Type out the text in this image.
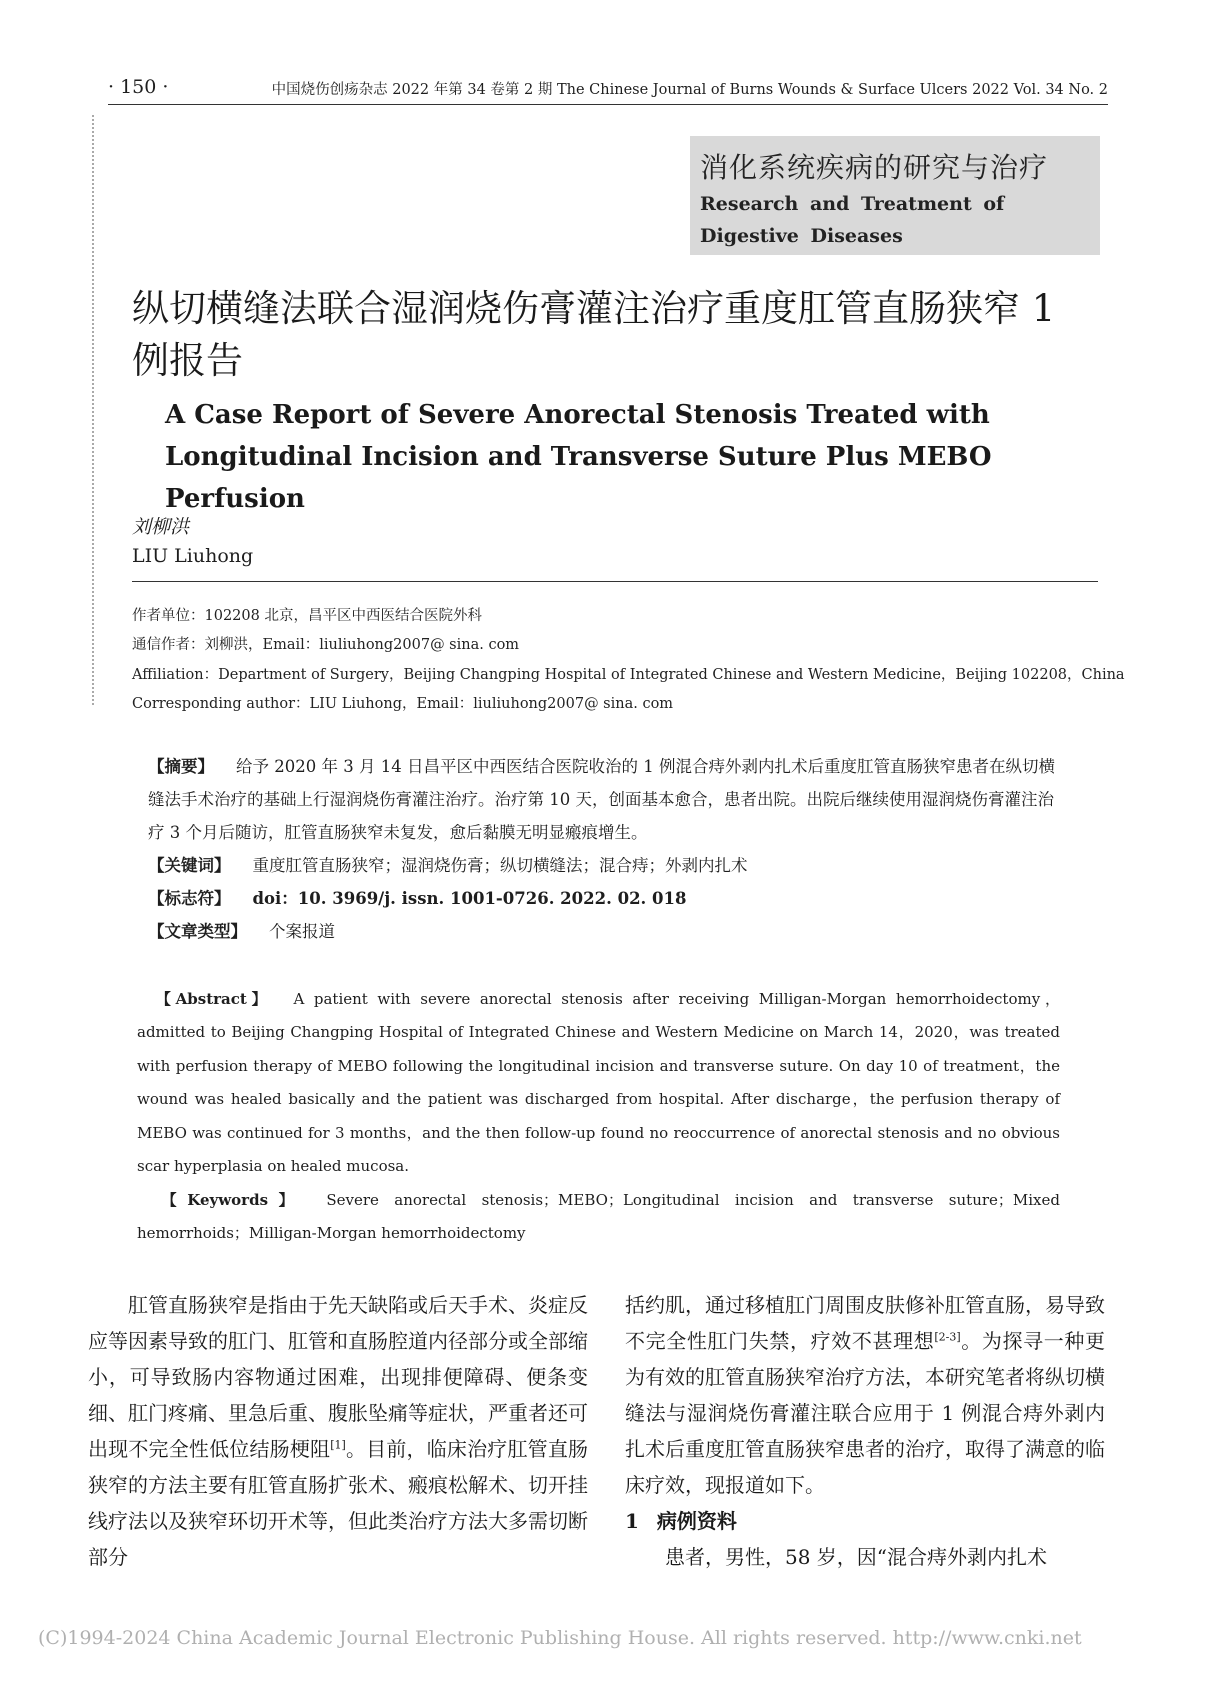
· 150 ·	中国烧伤创疡杂志 2022 年第 34 卷第 2 期 The Chinese Journal of Burns Wounds & Surface Ulcers 2022 Vol. 34 No. 2
消化系统疾病的研究与治疗
Research and Treatment of Digestive Diseases
纵切横缝法联合湿润烧伤膏灌注治疗重度肛管直肠狭窄 1 例报告
A Case Report of Severe Anorectal Stenosis Treated with Longitudinal Incision and Transverse Suture Plus MEBO Perfusion
刘柳洪
LIU Liuhong
作者单位：102208 北京，昌平区中西医结合医院外科
通信作者：刘柳洪，Email：liuliuhong2007@ sina. com
Affiliation：Department of Surgery，Beijing Changping Hospital of Integrated Chinese and Western Medicine，Beijing 102208，China
Corresponding author：LIU Liuhong，Email：liuliuhong2007@ sina. com
【摘要】 给予 2020 年 3 月 14 日昌平区中西医结合医院收治的 1 例混合痔外剥内扎术后重度肛管直肠狭窄患者在纵切横缝法手术治疗的基础上行湿润烧伤膏灌注治疗。治疗第 10 天，创面基本愈合，患者出院。出院后继续使用湿润烧伤膏灌注治疗 3 个月后随访，肛管直肠狭窄未复发，愈后黏膜无明显瘢痕增生。
【关键词】 重度肛管直肠狭窄；湿润烧伤膏；纵切横缝法；混合痔；外剥内扎术
【标志符】 doi：10. 3969/j. issn. 1001-0726. 2022. 02. 018
【文章类型】 个案报道
【Abstract】 A patient with severe anorectal stenosis after receiving Milligan-Morgan hemorrhoidectomy，admitted to Beijing Changping Hospital of Integrated Chinese and Western Medicine on March 14，2020，was treated with perfusion therapy of MEBO following the longitudinal incision and transverse suture. On day 10 of treatment，the wound was healed basically and the patient was discharged from hospital. After discharge，the perfusion therapy of MEBO was continued for 3 months，and the then follow-up found no reoccurrence of anorectal stenosis and no obvious scar hyperplasia on healed mucosa.
【Keywords】 Severe anorectal stenosis；MEBO；Longitudinal incision and transverse suture；Mixed hemorrhoids；Milligan-Morgan hemorrhoidectomy

肛管直肠狭窄是指由于先天缺陷或后天手术、炎症反应等因素导致的肛门、肛管和直肠腔道内径部分或全部缩小，可导致肠内容物通过困难，出现排便障碍、便条变细、肛门疼痛、里急后重、腹胀坠痛等症状，严重者还可出现不完全性低位结肠梗阻[1]。目前，临床治疗肛管直肠狭窄的方法主要有肛管直肠扩张术、瘢痕松解术、切开挂线疗法以及狭窄环切开术等，但此类治疗方法大多需切断部分

括约肌，通过移植肛门周围皮肤修补肛管直肠，易导致不完全性肛门失禁，疗效不甚理想[2-3]。为探寻一种更为有效的肛管直肠狭窄治疗方法，本研究笔者将纵切横缝法与湿润烧伤膏灌注联合应用于 1 例混合痔外剥内扎术后重度肛管直肠狭窄患者的治疗，取得了满意的临床疗效，现报道如下。

1 病例资料

患者，男性，58 岁，因“混合痔外剥内扎术

(C)1994-2024 China Academic Journal Electronic Publishing House. All rights reserved. http://www.cnki.net
